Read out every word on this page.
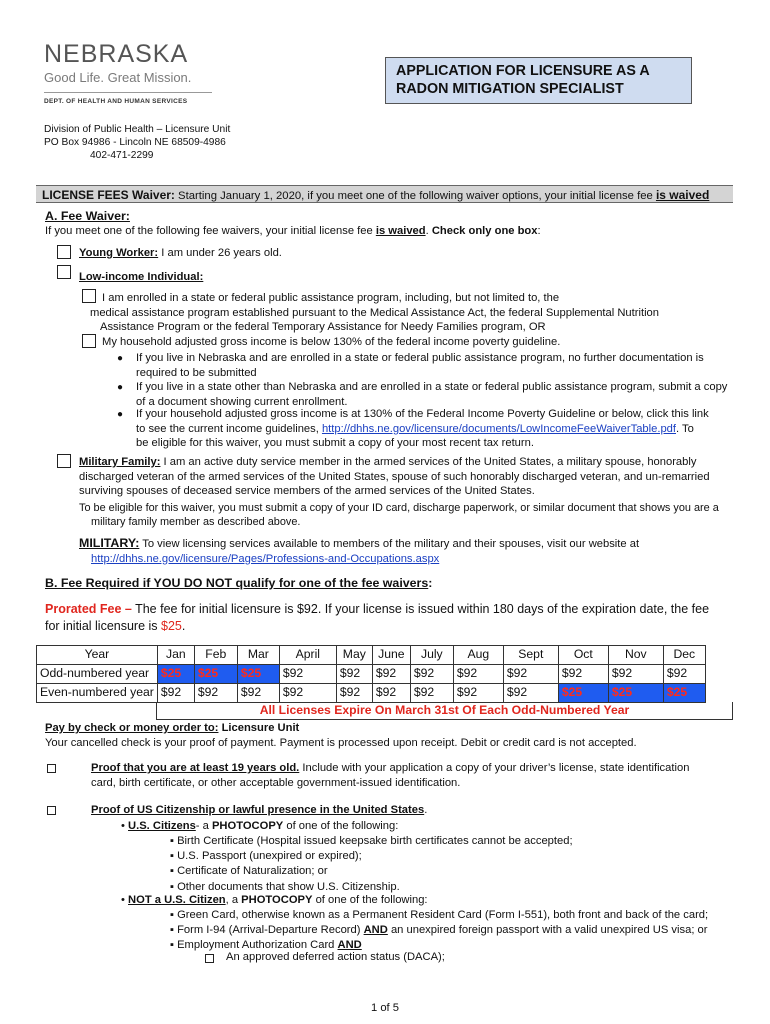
NEBRASKA
Good Life. Great Mission.
DEPT. OF HEALTH AND HUMAN SERVICES
APPLICATION FOR LICENSURE AS A RADON MITIGATION SPECIALIST
Division of Public Health – Licensure Unit
PO Box 94986 - Lincoln NE 68509-4986
402-471-2299
LICENSE FEES Waiver: Starting January 1, 2020, if you meet one of the following waiver options, your initial license fee is waived
A. Fee Waiver:
If you meet one of the following fee waivers, your initial license fee is waived. Check only one box:
Young Worker: I am under 26 years old.
Low-income Individual:
I am enrolled in a state or federal public assistance program, including, but not limited to, the
medical assistance program established pursuant to the Medical Assistance Act, the federal Supplemental Nutrition
Assistance Program or the federal Temporary Assistance for Needy Families program, OR
My household adjusted gross income is below 130% of the federal income poverty guideline.
● If you live in Nebraska and are enrolled in a state or federal public assistance program, no further documentation is
required to be submitted
● If you live in a state other than Nebraska and are enrolled in a state or federal public assistance program, submit a copy
of a document showing current enrollment.
● If your household adjusted gross income is at 130% of the Federal Income Poverty Guideline or below, click this link
to see the current income guidelines, http://dhhs.ne.gov/licensure/documents/LowIncomeFeeWaiverTable.pdf. To
be eligible for this waiver, you must submit a copy of your most recent tax return.
Military Family: I am an active duty service member in the armed services of the United States, a military spouse, honorably
discharged veteran of the armed services of the United States, spouse of such honorably discharged veteran, and un-remarried
surviving spouses of deceased service members of the armed services of the United States.
To be eligible for this waiver, you must submit a copy of your ID card, discharge paperwork, or similar document that shows you are a
military family member as described above.
MILITARY: To view licensing services available to members of the military and their spouses, visit our website at
http://dhhs.ne.gov/licensure/Pages/Professions-and-Occupations.aspx
B. Fee Required if YOU DO NOT qualify for one of the fee waivers:
Prorated Fee – The fee for initial licensure is $92. If your license is issued within 180 days of the expiration date, the fee
for initial licensure is $25.
Year	Jan	Feb	Mar	April	May	June	July	Aug	Sept	Oct	Nov	Dec
Odd-numbered year	$25	$25	$25	$92	$92	$92	$92	$92	$92	$92	$92	$92
Even-numbered year	$92	$92	$92	$92	$92	$92	$92	$92	$92	$25	$25	$25
All Licenses Expire On March 31st Of Each Odd-Numbered Year
Pay by check or money order to: Licensure Unit
Your cancelled check is your proof of payment. Payment is processed upon receipt. Debit or credit card is not accepted.
Proof that you are at least 19 years old. Include with your application a copy of your driver’s license, state identification
card, birth certificate, or other acceptable government-issued identification.
Proof of US Citizenship or lawful presence in the United States.
• U.S. Citizens- a PHOTOCOPY of one of the following:
▪ Birth Certificate (Hospital issued keepsake birth certificates cannot be accepted;
▪ U.S. Passport (unexpired or expired);
▪ Certificate of Naturalization; or
▪ Other documents that show U.S. Citizenship.
• NOT a U.S. Citizen, a PHOTOCOPY of one of the following:
▪ Green Card, otherwise known as a Permanent Resident Card (Form I-551), both front and back of the card;
▪ Form I-94 (Arrival-Departure Record) AND an unexpired foreign passport with a valid unexpired US visa; or
▪ Employment Authorization Card AND
An approved deferred action status (DACA);
1 of 5
